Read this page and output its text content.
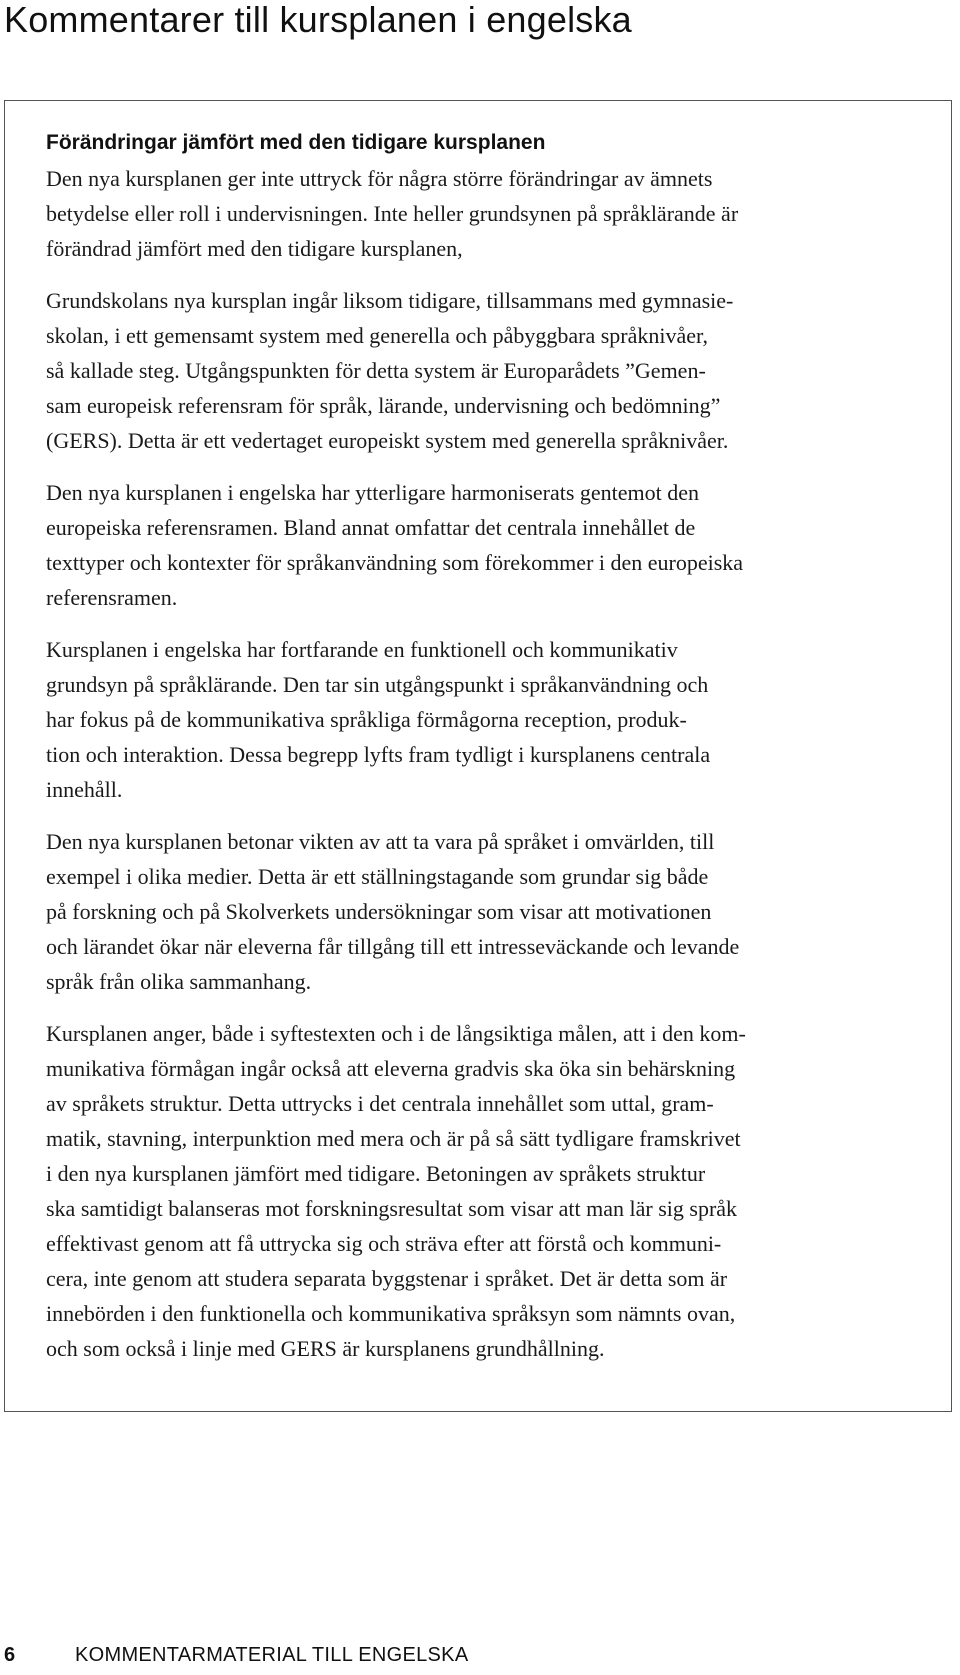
Kommentarer till kursplanen i engelska
Förändringar jämfört med den tidigare kursplanen

Den nya kursplanen ger inte uttryck för några större förändringar av ämnets
betydelse eller roll i undervisningen. Inte heller grundsynen på språklärande är
förändrad jämfört med den tidigare kursplanen,

Grundskolans nya kursplan ingår liksom tidigare, tillsammans med gymnasie-
skolan, i ett gemensamt system med generella och påbyggbara språknivåer,
så kallade steg. Utgångspunkten för detta system är Europarådets ”Gemen-
sam europeisk referensram för språk, lärande, undervisning och bedömning”
(GERS). Detta är ett vedertaget europeiskt system med generella språknivåer.

Den nya kursplanen i engelska har ytterligare harmoniserats gentemot den
europeiska referensramen. Bland annat omfattar det centrala innehållet de
texttyper och kontexter för språkanvändning som förekommer i den europeiska
referensramen.

Kursplanen i engelska har fortfarande en funktionell och kommunikativ
grundsyn på språklärande. Den tar sin utgångspunkt i språkanvändning och
har fokus på de kommunikativa språkliga förmågorna reception, produk-
tion och interaktion. Dessa begrepp lyfts fram tydligt i kursplanens centrala
innehåll.

Den nya kursplanen betonar vikten av att ta vara på språket i omvärlden, till
exempel i olika medier. Detta är ett ställningstagande som grundar sig både
på forskning och på Skolverkets undersökningar som visar att motivationen
och lärandet ökar när eleverna får tillgång till ett intresseväckande och levande
språk från olika sammanhang.

Kursplanen anger, både i syftestexten och i de långsiktiga målen, att i den kom-
munikativa förmågan ingår också att eleverna gradvis ska öka sin behärskning
av språkets struktur. Detta uttrycks i det centrala innehållet som uttal, gram-
matik, stavning, interpunktion med mera och är på så sätt tydligare framskrivet
i den nya kursplanen jämfört med tidigare. Betoningen av språkets struktur
ska samtidigt balanseras mot forskningsresultat som visar att man lär sig språk
effektivast genom att få uttrycka sig och sträva efter att förstå och kommuni-
cera, inte genom att studera separata byggstenar i språket. Det är detta som är
innebörden i den funktionella och kommunikativa språksyn som nämnts ovan,
och som också i linje med GERS är kursplanens grundhållning.

6	KOMMENTARMATERIAL TILL ENGELSKA
